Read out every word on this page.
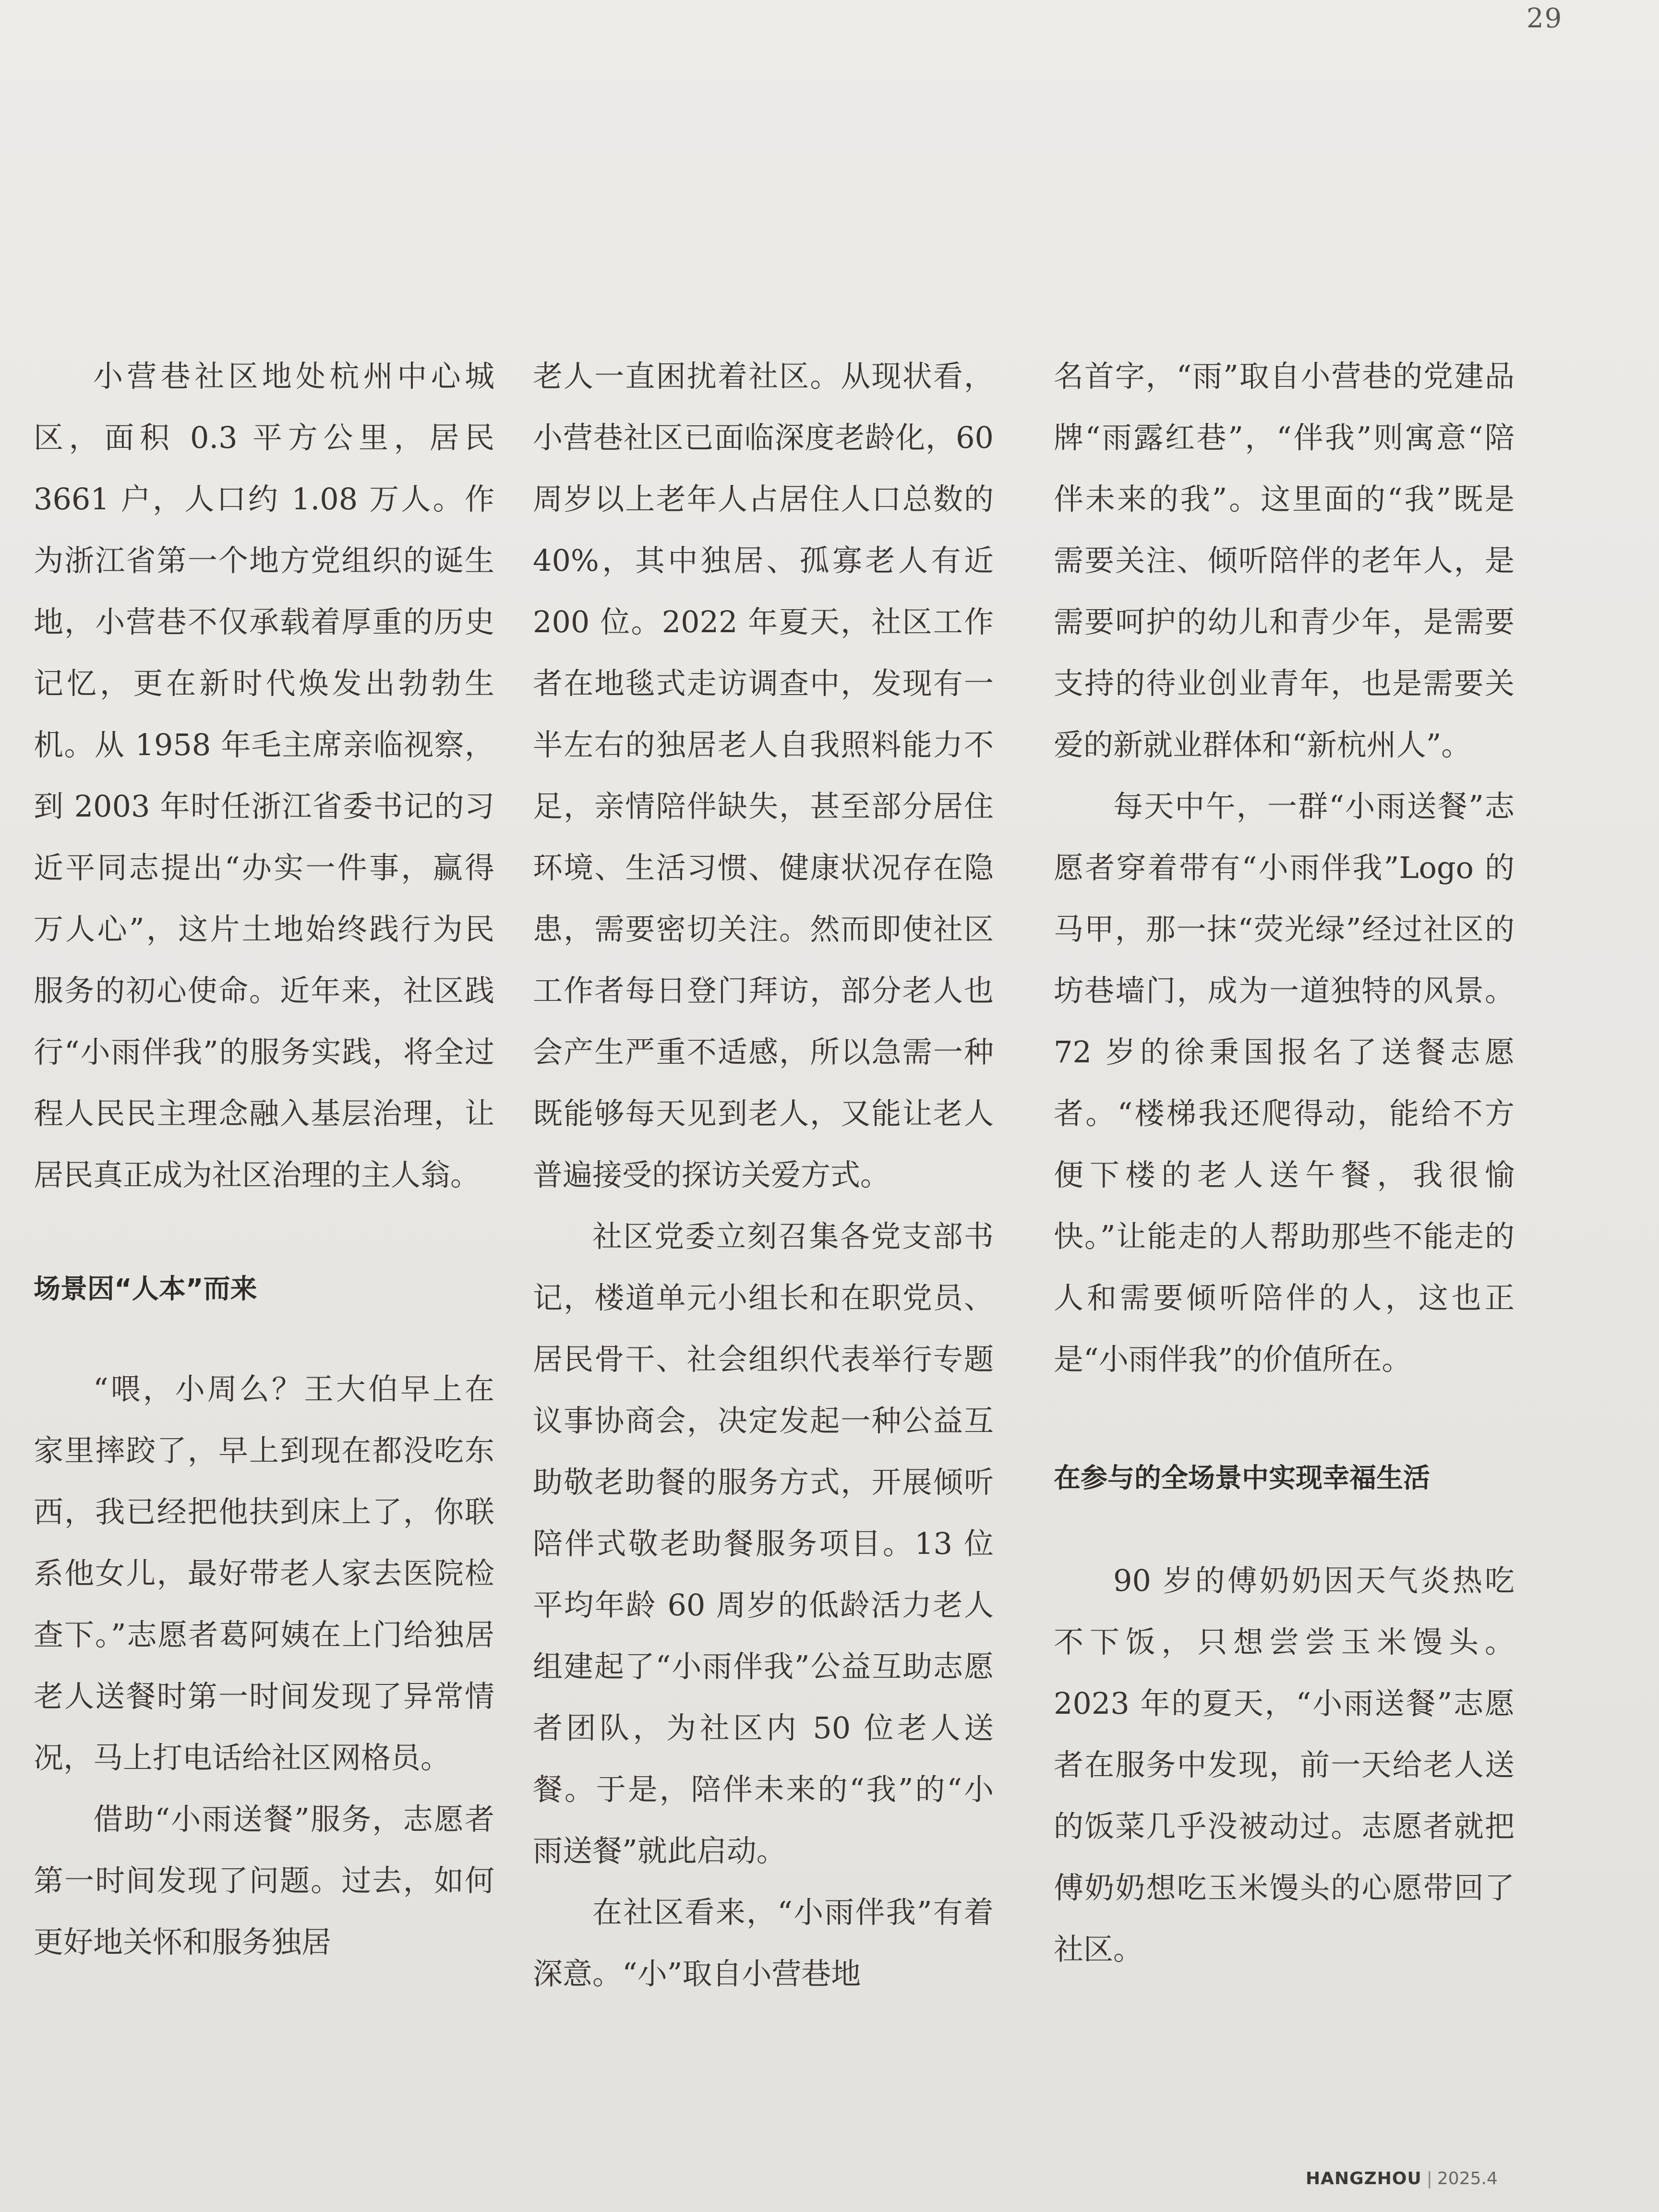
29

小营巷社区地处杭州中心城区，面积 0.3 平方公里，居民 3661 户，人口约 1.08 万人。作为浙江省第一个地方党组织的诞生地，小营巷不仅承载着厚重的历史记忆，更在新时代焕发出勃勃生机。从 1958 年毛主席亲临视察，到 2003 年时任浙江省委书记的习近平同志提出“办实一件事，赢得万人心”，这片土地始终践行为民服务的初心使命。近年来，社区践行“小雨伴我”的服务实践，将全过程人民民主理念融入基层治理，让居民真正成为社区治理的主人翁。

场景因“人本”而来

“喂，小周么？王大伯早上在家里摔跤了，早上到现在都没吃东西，我已经把他扶到床上了，你联系他女儿，最好带老人家去医院检查下。”志愿者葛阿姨在上门给独居老人送餐时第一时间发现了异常情况，马上打电话给社区网格员。

借助“小雨送餐”服务，志愿者第一时间发现了问题。过去，如何更好地关怀和服务独居

老人一直困扰着社区。从现状看，小营巷社区已面临深度老龄化，60 周岁以上老年人占居住人口总数的 40%，其中独居、孤寡老人有近 200 位。2022 年夏天，社区工作者在地毯式走访调查中，发现有一半左右的独居老人自我照料能力不足，亲情陪伴缺失，甚至部分居住环境、生活习惯、健康状况存在隐患，需要密切关注。然而即使社区工作者每日登门拜访，部分老人也会产生严重不适感，所以急需一种既能够每天见到老人，又能让老人普遍接受的探访关爱方式。

社区党委立刻召集各党支部书记，楼道单元小组长和在职党员、居民骨干、社会组织代表举行专题议事协商会，决定发起一种公益互助敬老助餐的服务方式，开展倾听陪伴式敬老助餐服务项目。13 位平均年龄 60 周岁的低龄活力老人组建起了“小雨伴我”公益互助志愿者团队，为社区内 50 位老人送餐。于是，陪伴未来的“我”的“小雨送餐”就此启动。

在社区看来，“小雨伴我”有着深意。“小”取自小营巷地

名首字，“雨”取自小营巷的党建品牌“雨露红巷”，“伴我”则寓意“陪伴未来的我”。这里面的“我”既是需要关注、倾听陪伴的老年人，是需要呵护的幼儿和青少年，是需要支持的待业创业青年，也是需要关爱的新就业群体和“新杭州人”。

每天中午，一群“小雨送餐”志愿者穿着带有“小雨伴我”Logo 的马甲，那一抹“荧光绿”经过社区的坊巷墙门，成为一道独特的风景。72 岁的徐秉国报名了送餐志愿者。“楼梯我还爬得动，能给不方便下楼的老人送午餐，我很愉快。”让能走的人帮助那些不能走的人和需要倾听陪伴的人，这也正是“小雨伴我”的价值所在。

在参与的全场景中实现幸福生活

90 岁的傅奶奶因天气炎热吃不下饭，只想尝尝玉米馒头。2023 年的夏天，“小雨送餐”志愿者在服务中发现，前一天给老人送的饭菜几乎没被动过。志愿者就把傅奶奶想吃玉米馒头的心愿带回了社区。

HANGZHOU | 2025.4
